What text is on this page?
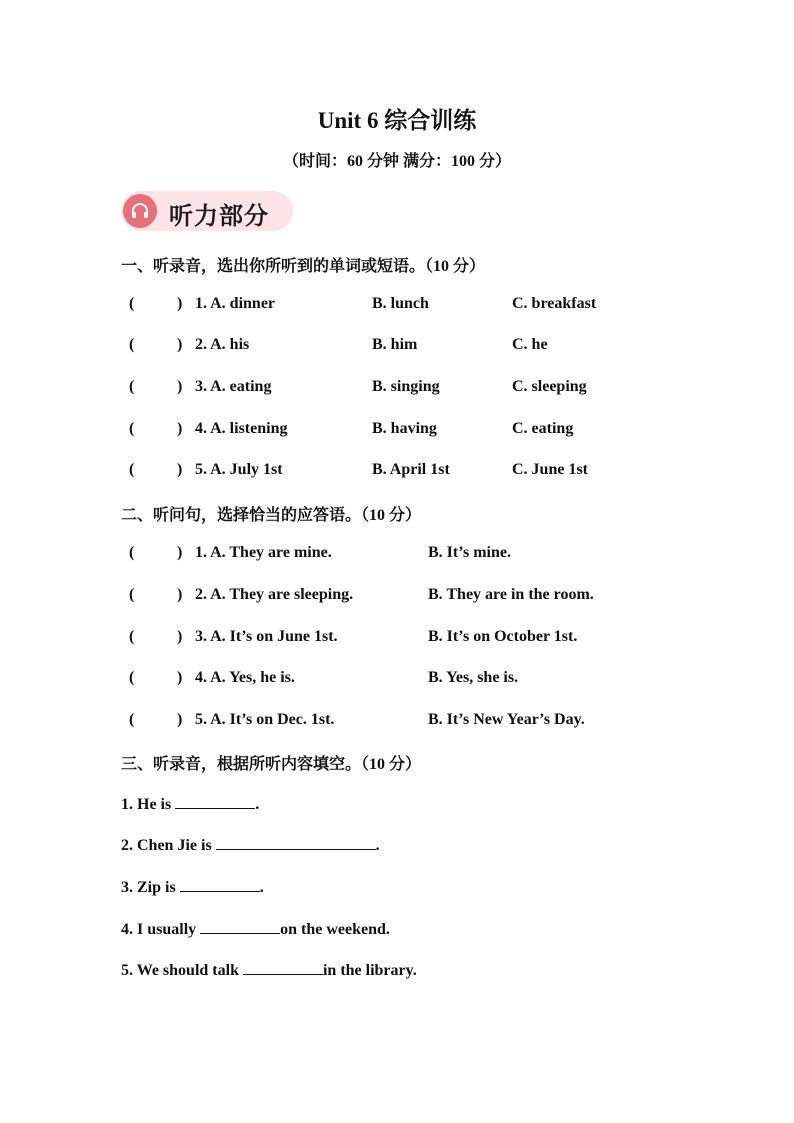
Unit 6 综合训练
（时间：60 分钟 满分：100 分）
听力部分
一、听录音，选出你所听到的单词或短语。（10 分）
(	) 1. A. dinner	B. lunch	C. breakfast
(	) 2. A. his	B. him	C. he
(	) 3. A. eating	B. singing	C. sleeping
(	) 4. A. listening	B. having	C. eating
(	) 5. A. July 1st	B. April 1st	C. June 1st
二、听问句，选择恰当的应答语。（10 分）
(	) 1. A. They are mine.	B. It’s mine.
(	) 2. A. They are sleeping.	B. They are in the room.
(	) 3. A. It’s on June 1st.	B. It’s on October 1st.
(	) 4. A. Yes, he is.	B. Yes, she is.
(	) 5. A. It’s on Dec. 1st.	B. It’s New Year’s Day.
三、听录音，根据所听内容填空。（10 分）
1. He is	.
2. Chen Jie is	.
3. Zip is	.
4. I usually	on the weekend.
5. We should talk	in the library.
